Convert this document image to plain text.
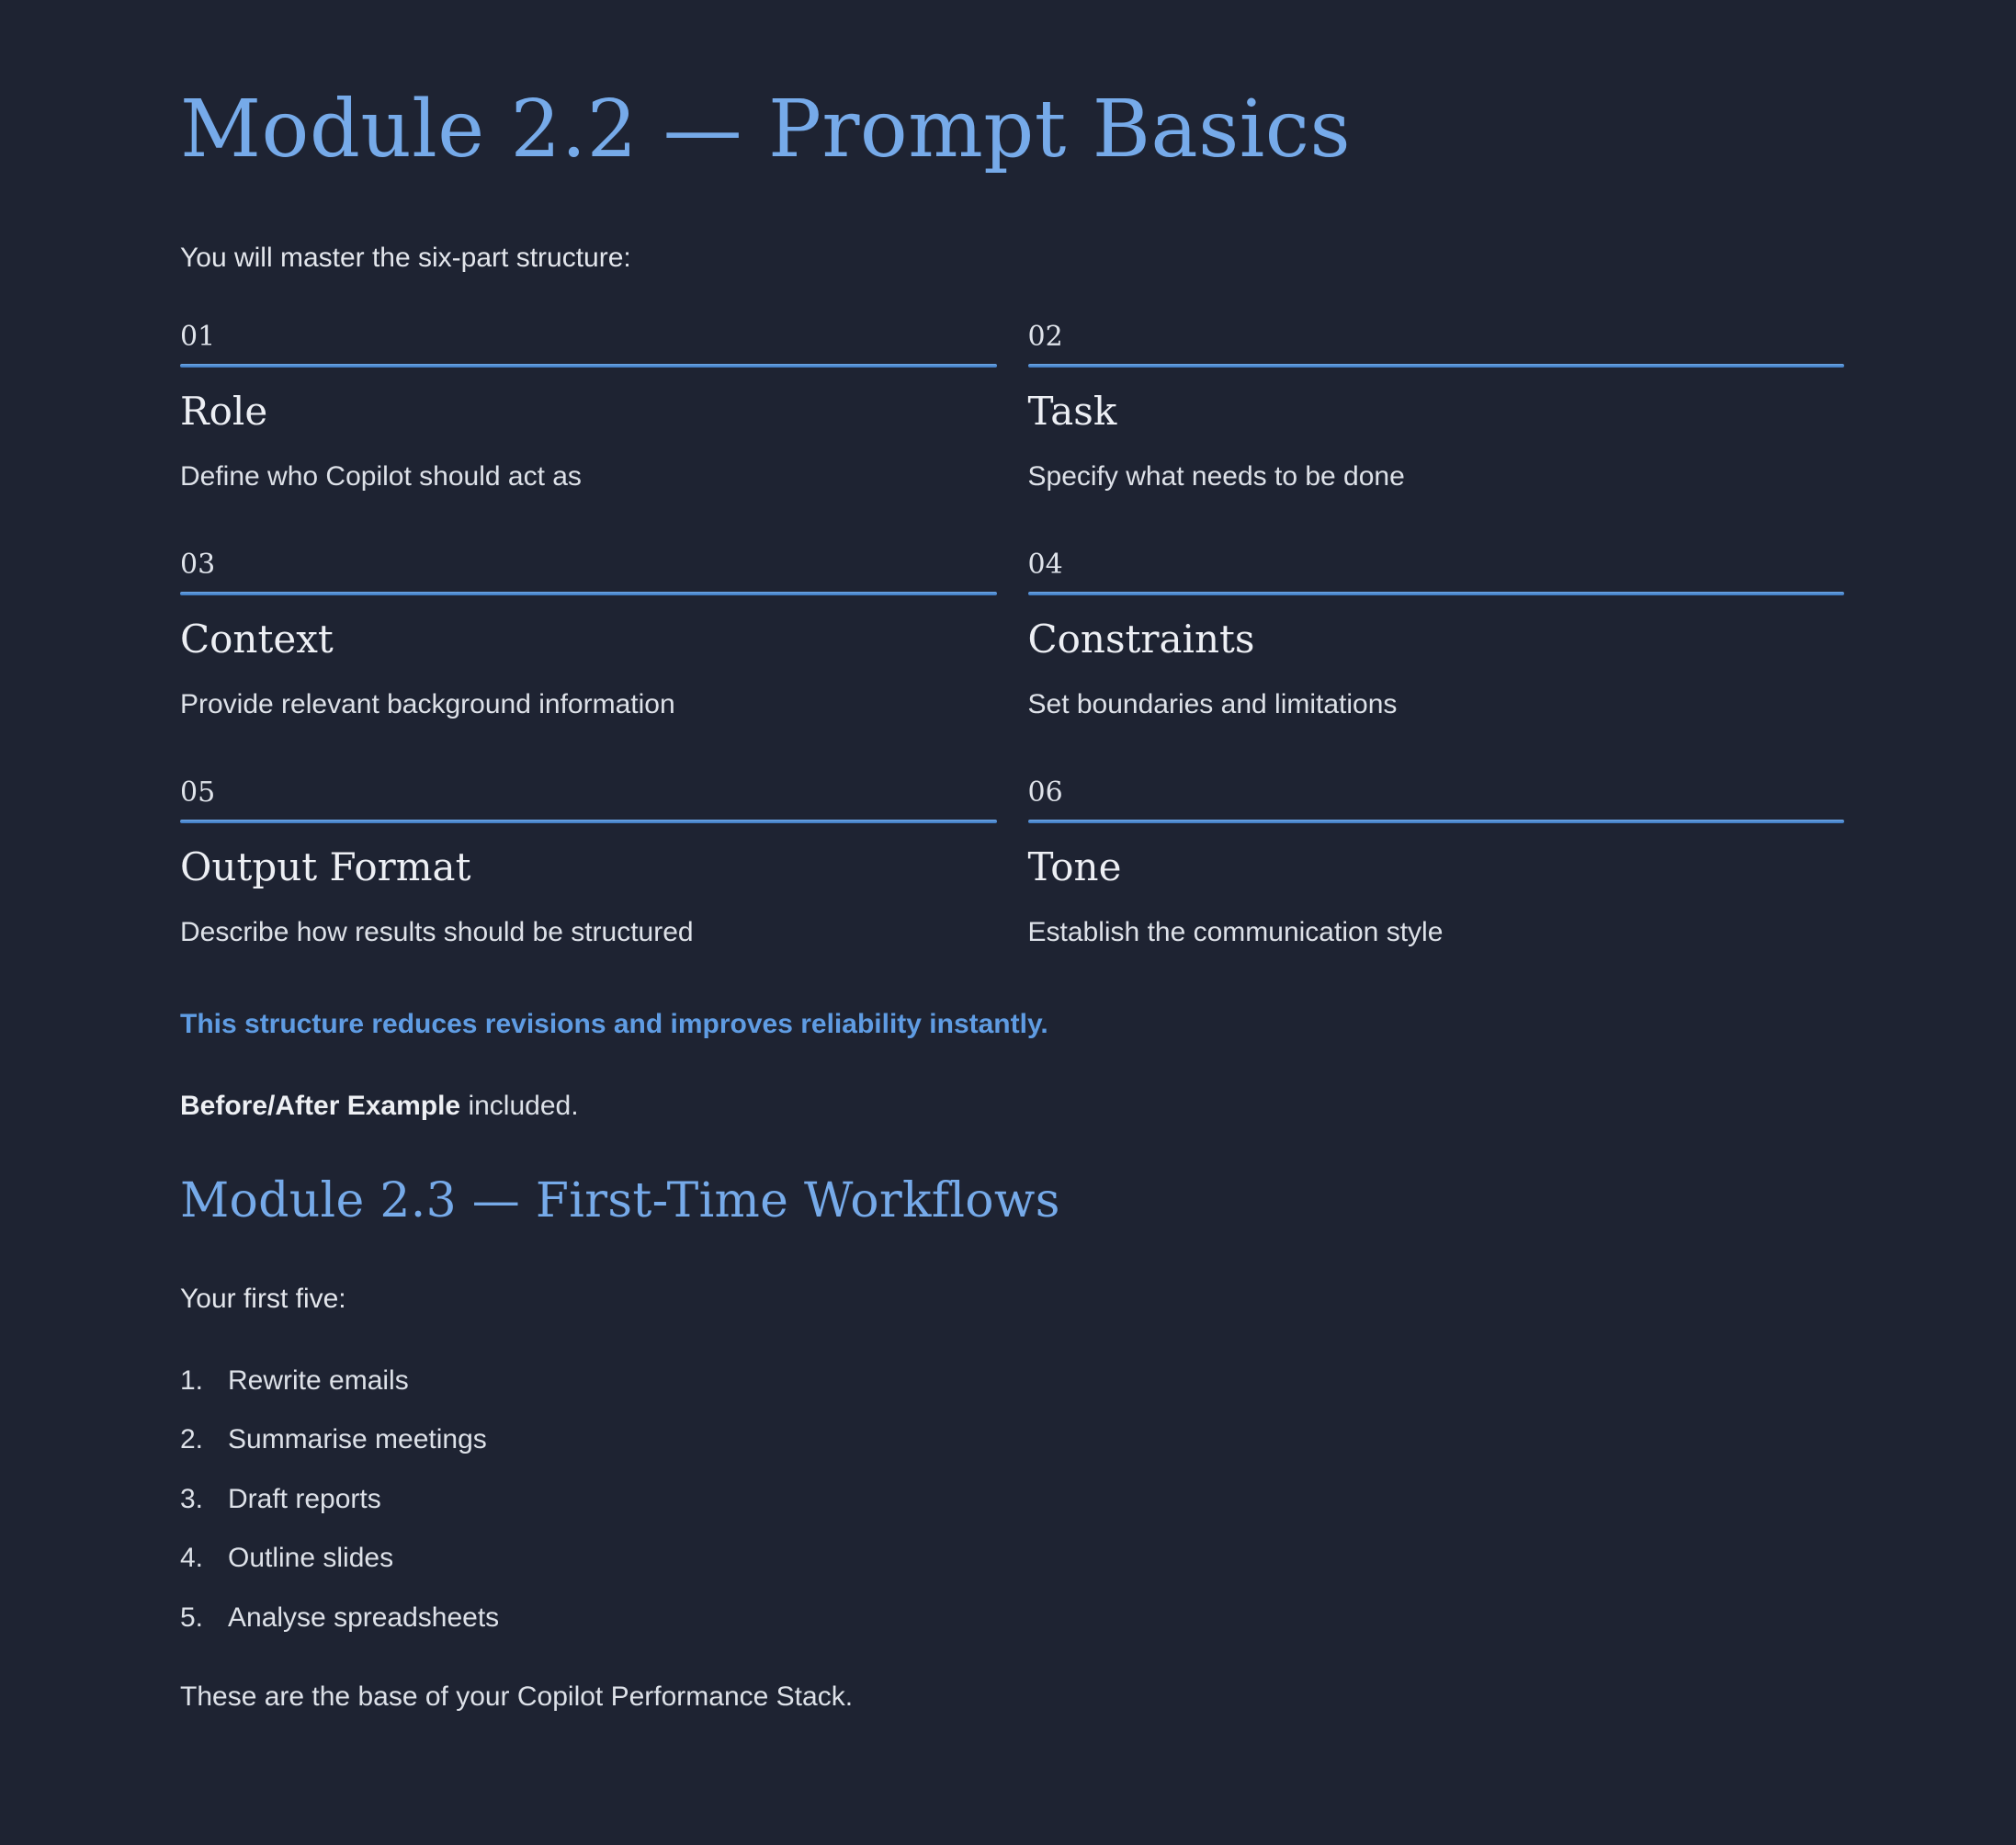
Module 2.2 — Prompt Basics

You will master the six-part structure:

01
Role
Define who Copilot should act as
02
Task
Specify what needs to be done
03
Context
Provide relevant background information
04
Constraints
Set boundaries and limitations
05
Output Format
Describe how results should be structured
06
Tone
Establish the communication style

This structure reduces revisions and improves reliability instantly.

Before/After Example included.

Module 2.3 — First-Time Workflows

Your first five:

1. Rewrite emails
2. Summarise meetings
3. Draft reports
4. Outline slides
5. Analyse spreadsheets

These are the base of your Copilot Performance Stack.
